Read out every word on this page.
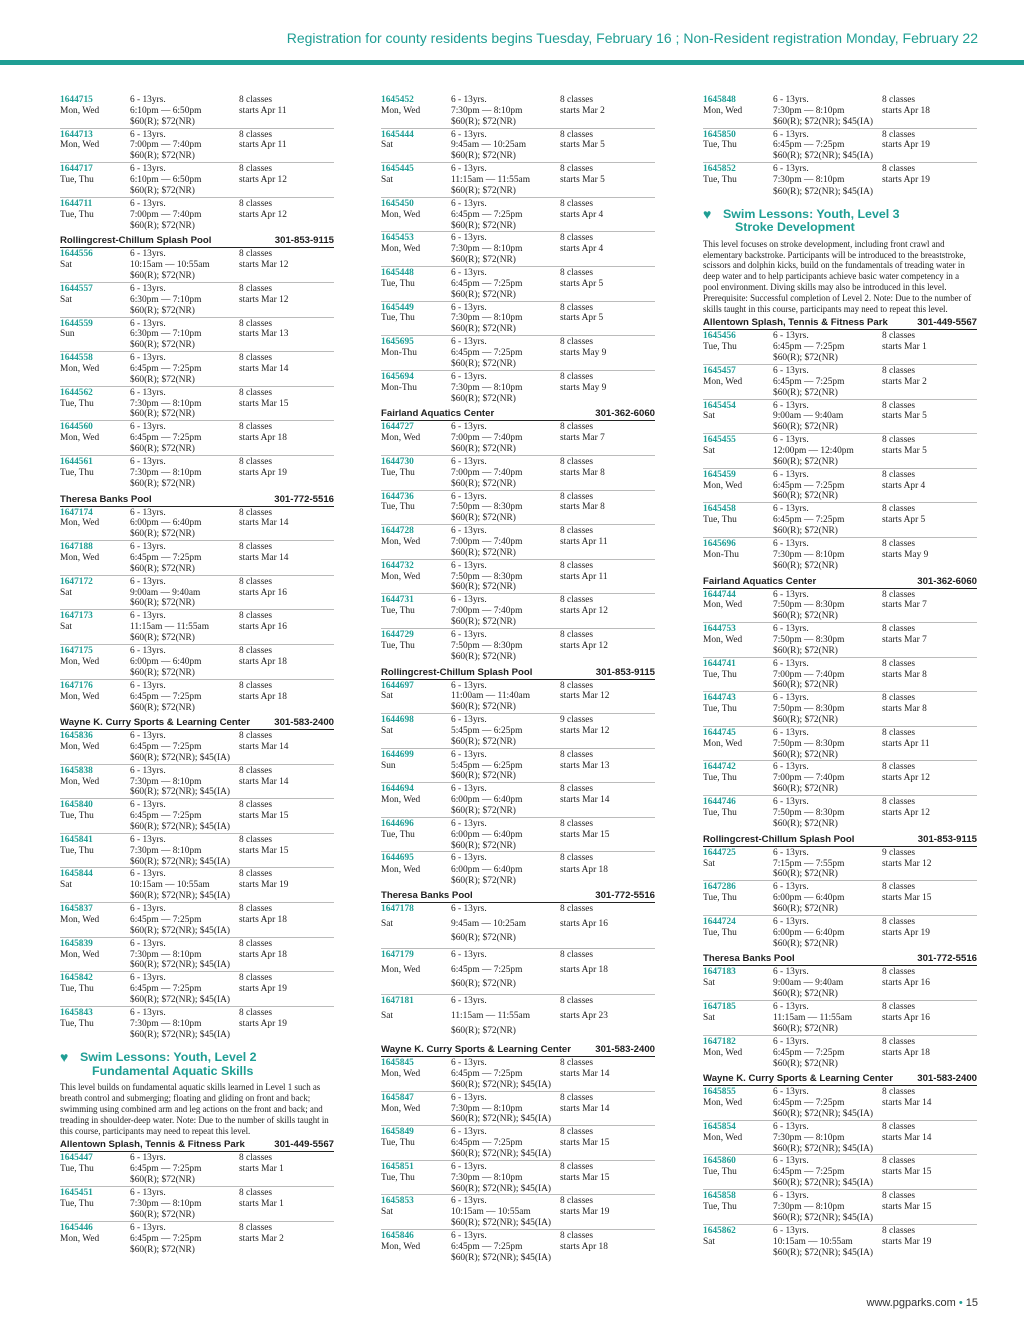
Registration for county residents begins Tuesday, February 16 ; Non-Resident registration Monday, February 22
1644715	6 - 13yrs.	8 classes
Mon, Wed	6:10pm — 6:50pm	starts Apr 11
$60(R); $72(NR)
1644713	6 - 13yrs.	8 classes
Mon, Wed	7:00pm — 7:40pm	starts Apr 11
$60(R); $72(NR)
1644717	6 - 13yrs.	8 classes
Tue, Thu	6:10pm — 6:50pm	starts Apr 12
$60(R); $72(NR)
1644711	6 - 13yrs.	8 classes
Tue, Thu	7:00pm — 7:40pm	starts Apr 12
$60(R); $72(NR)
Rollingcrest-Chillum Splash Pool	301-853-9115
1644556	6 - 13yrs.	8 classes
Sat	10:15am — 10:55am	starts Mar 12
$60(R); $72(NR)
1644557	6 - 13yrs.	8 classes
Sat	6:30pm — 7:10pm	starts Mar 12
$60(R); $72(NR)
1644559	6 - 13yrs.	8 classes
Sun	6:30pm — 7:10pm	starts Mar 13
$60(R); $72(NR)
1644558	6 - 13yrs.	8 classes
Mon, Wed	6:45pm — 7:25pm	starts Mar 14
$60(R); $72(NR)
1644562	6 - 13yrs.	8 classes
Tue, Thu	7:30pm — 8:10pm	starts Mar 15
$60(R); $72(NR)
1644560	6 - 13yrs.	8 classes
Mon, Wed	6:45pm — 7:25pm	starts Apr 18
$60(R); $72(NR)
1644561	6 - 13yrs.	8 classes
Tue, Thu	7:30pm — 8:10pm	starts Apr 19
$60(R); $72(NR)
Theresa Banks Pool	301-772-5516
1647174	6 - 13yrs.	8 classes
Mon, Wed	6:00pm — 6:40pm	starts Mar 14
$60(R); $72(NR)
1647188	6 - 13yrs.	8 classes
Mon, Wed	6:45pm — 7:25pm	starts Mar 14
$60(R); $72(NR)
1647172	6 - 13yrs.	8 classes
Sat	9:00am — 9:40am	starts Apr 16
$60(R); $72(NR)
1647173	6 - 13yrs.	8 classes
Sat	11:15am — 11:55am	starts Apr 16
$60(R); $72(NR)
1647175	6 - 13yrs.	8 classes
Mon, Wed	6:00pm — 6:40pm	starts Apr 18
$60(R); $72(NR)
1647176	6 - 13yrs.	8 classes
Mon, Wed	6:45pm — 7:25pm	starts Apr 18
$60(R); $72(NR)
Wayne K. Curry Sports & Learning Center	301-583-2400
1645836	6 - 13yrs.	8 classes
Mon, Wed	6:45pm — 7:25pm	starts Mar 14
$60(R); $72(NR); $45(IA)
1645838	6 - 13yrs.	8 classes
Mon, Wed	7:30pm — 8:10pm	starts Mar 14
$60(R); $72(NR); $45(IA)
1645840	6 - 13yrs.	8 classes
Tue, Thu	6:45pm — 7:25pm	starts Mar 15
$60(R); $72(NR); $45(IA)
1645841	6 - 13yrs.	8 classes
Tue, Thu	7:30pm — 8:10pm	starts Mar 15
$60(R); $72(NR); $45(IA)
1645844	6 - 13yrs.	8 classes
Sat	10:15am — 10:55am	starts Mar 19
$60(R); $72(NR); $45(IA)
1645837	6 - 13yrs.	8 classes
Mon, Wed	6:45pm — 7:25pm	starts Apr 18
$60(R); $72(NR); $45(IA)
1645839	6 - 13yrs.	8 classes
Mon, Wed	7:30pm — 8:10pm	starts Apr 18
$60(R); $72(NR); $45(IA)
1645842	6 - 13yrs.	8 classes
Tue, Thu	6:45pm — 7:25pm	starts Apr 19
$60(R); $72(NR); $45(IA)
1645843	6 - 13yrs.	8 classes
Tue, Thu	7:30pm — 8:10pm	starts Apr 19
$60(R); $72(NR); $45(IA)
♥ Swim Lessons: Youth, Level 2
Fundamental Aquatic Skills
This level builds on fundamental aquatic skills learned in Level 1 such as breath control and submerging; floating and gliding on front and back; swimming using combined arm and leg actions on the front and back; and treading in shoulder-deep water. Note: Due to the number of skills taught in this course, participants may need to repeat this level.
Allentown Splash, Tennis & Fitness Park	301-449-5567
1645447	6 - 13yrs.	8 classes
Tue, Thu	6:45pm — 7:25pm	starts Mar 1
$60(R); $72(NR)
1645451	6 - 13yrs.	8 classes
Tue, Thu	7:30pm — 8:10pm	starts Mar 1
$60(R); $72(NR)
1645446	6 - 13yrs.	8 classes
Mon, Wed	6:45pm — 7:25pm	starts Mar 2
$60(R); $72(NR)
1645452	6 - 13yrs.	8 classes
Mon, Wed	7:30pm — 8:10pm	starts Mar 2
$60(R); $72(NR)
1645444	6 - 13yrs.	8 classes
Sat	9:45am — 10:25am	starts Mar 5
$60(R); $72(NR)
1645445	6 - 13yrs.	8 classes
Sat	11:15am — 11:55am	starts Mar 5
$60(R); $72(NR)
1645450	6 - 13yrs.	8 classes
Mon, Wed	6:45pm — 7:25pm	starts Apr 4
$60(R); $72(NR)
1645453	6 - 13yrs.	8 classes
Mon, Wed	7:30pm — 8:10pm	starts Apr 4
$60(R); $72(NR)
1645448	6 - 13yrs.	8 classes
Tue, Thu	6:45pm — 7:25pm	starts Apr 5
$60(R); $72(NR)
1645449	6 - 13yrs.	8 classes
Tue, Thu	7:30pm — 8:10pm	starts Apr 5
$60(R); $72(NR)
1645695	6 - 13yrs.	8 classes
Mon-Thu	6:45pm — 7:25pm	starts May 9
$60(R); $72(NR)
1645694	6 - 13yrs.	8 classes
Mon-Thu	7:30pm — 8:10pm	starts May 9
$60(R); $72(NR)
Fairland Aquatics Center	301-362-6060
1644727	6 - 13yrs.	8 classes
Mon, Wed	7:00pm — 7:40pm	starts Mar 7
$60(R); $72(NR)
1644730	6 - 13yrs.	8 classes
Tue, Thu	7:00pm — 7:40pm	starts Mar 8
$60(R); $72(NR)
1644736	6 - 13yrs.	8 classes
Tue, Thu	7:50pm — 8:30pm	starts Mar 8
$60(R); $72(NR)
1644728	6 - 13yrs.	8 classes
Mon, Wed	7:00pm — 7:40pm	starts Apr 11
$60(R); $72(NR)
1644732	6 - 13yrs.	8 classes
Mon, Wed	7:50pm — 8:30pm	starts Apr 11
$60(R); $72(NR)
1644731	6 - 13yrs.	8 classes
Tue, Thu	7:00pm — 7:40pm	starts Apr 12
$60(R); $72(NR)
1644729	6 - 13yrs.	8 classes
Tue, Thu	7:50pm — 8:30pm	starts Apr 12
$60(R); $72(NR)
Rollingcrest-Chillum Splash Pool	301-853-9115
1644697	6 - 13yrs.	8 classes
Sat	11:00am — 11:40am	starts Mar 12
$60(R); $72(NR)
1644698	6 - 13yrs.	9 classes
Sat	5:45pm — 6:25pm	starts Mar 12
$60(R); $72(NR)
1644699	6 - 13yrs.	8 classes
Sun	5:45pm — 6:25pm	starts Mar 13
$60(R); $72(NR)
1644694	6 - 13yrs.	8 classes
Mon, Wed	6:00pm — 6:40pm	starts Mar 14
$60(R); $72(NR)
1644696	6 - 13yrs.	8 classes
Tue, Thu	6:00pm — 6:40pm	starts Mar 15
$60(R); $72(NR)
1644695	6 - 13yrs.	8 classes
Mon, Wed	6:00pm — 6:40pm	starts Apr 18
$60(R); $72(NR)
Theresa Banks Pool	301-772-5516
1647178	6 - 13yrs.	8 classes
Sat	9:45am — 10:25am	starts Apr 16
$60(R); $72(NR)
1647179	6 - 13yrs.	8 classes
Mon, Wed	6:45pm — 7:25pm	starts Apr 18
$60(R); $72(NR)
1647181	6 - 13yrs.	8 classes
Sat	11:15am — 11:55am	starts Apr 23
$60(R); $72(NR)
Wayne K. Curry Sports & Learning Center	301-583-2400
1645845	6 - 13yrs.	8 classes
Mon, Wed	6:45pm — 7:25pm	starts Mar 14
$60(R); $72(NR); $45(IA)
1645847	6 - 13yrs.	8 classes
Mon, Wed	7:30pm — 8:10pm	starts Mar 14
$60(R); $72(NR); $45(IA)
1645849	6 - 13yrs.	8 classes
Tue, Thu	6:45pm — 7:25pm	starts Mar 15
$60(R); $72(NR); $45(IA)
1645851	6 - 13yrs.	8 classes
Tue, Thu	7:30pm — 8:10pm	starts Mar 15
$60(R); $72(NR); $45(IA)
1645853	6 - 13yrs.	8 classes
Sat	10:15am — 10:55am	starts Mar 19
$60(R); $72(NR); $45(IA)
1645846	6 - 13yrs.	8 classes
Mon, Wed	6:45pm — 7:25pm	starts Apr 18
$60(R); $72(NR); $45(IA)
1645848	6 - 13yrs.	8 classes
Mon, Wed	7:30pm — 8:10pm	starts Apr 18
$60(R); $72(NR); $45(IA)
1645850	6 - 13yrs.	8 classes
Tue, Thu	6:45pm — 7:25pm	starts Apr 19
$60(R); $72(NR); $45(IA)
1645852	6 - 13yrs.	8 classes
Tue, Thu	7:30pm — 8:10pm	starts Apr 19
$60(R); $72(NR); $45(IA)
♥ Swim Lessons: Youth, Level 3
Stroke Development
This level focuses on stroke development, including front crawl and elementary backstroke. Participants will be introduced to the breaststroke, scissors and dolphin kicks, build on the fundamentals of treading water in deep water and to help participants achieve basic water competency in a pool environment. Diving skills may also be introduced in this level. Prerequisite: Successful completion of Level 2. Note: Due to the number of skills taught in this course, participants may need to repeat this level.
Allentown Splash, Tennis & Fitness Park	301-449-5567
1645456	6 - 13yrs.	8 classes
Tue, Thu	6:45pm — 7:25pm	starts Mar 1
$60(R); $72(NR)
1645457	6 - 13yrs.	8 classes
Mon, Wed	6:45pm — 7:25pm	starts Mar 2
$60(R); $72(NR)
1645454	6 - 13yrs.	8 classes
Sat	9:00am — 9:40am	starts Mar 5
$60(R); $72(NR)
1645455	6 - 13yrs.	8 classes
Sat	12:00pm — 12:40pm	starts Mar 5
$60(R); $72(NR)
1645459	6 - 13yrs.	8 classes
Mon, Wed	6:45pm — 7:25pm	starts Apr 4
$60(R); $72(NR)
1645458	6 - 13yrs.	8 classes
Tue, Thu	6:45pm — 7:25pm	starts Apr 5
$60(R); $72(NR)
1645696	6 - 13yrs.	8 classes
Mon-Thu	7:30pm — 8:10pm	starts May 9
$60(R); $72(NR)
Fairland Aquatics Center	301-362-6060
1644744	6 - 13yrs.	8 classes
Mon, Wed	7:50pm — 8:30pm	starts Mar 7
$60(R); $72(NR)
1644753	6 - 13yrs.	8 classes
Mon, Wed	7:50pm — 8:30pm	starts Mar 7
$60(R); $72(NR)
1644741	6 - 13yrs.	8 classes
Tue, Thu	7:00pm — 7:40pm	starts Mar 8
$60(R); $72(NR)
1644743	6 - 13yrs.	8 classes
Tue, Thu	7:50pm — 8:30pm	starts Mar 8
$60(R); $72(NR)
1644745	6 - 13yrs.	8 classes
Mon, Wed	7:50pm — 8:30pm	starts Apr 11
$60(R); $72(NR)
1644742	6 - 13yrs.	8 classes
Tue, Thu	7:00pm — 7:40pm	starts Apr 12
$60(R); $72(NR)
1644746	6 - 13yrs.	8 classes
Tue, Thu	7:50pm — 8:30pm	starts Apr 12
$60(R); $72(NR)
Rollingcrest-Chillum Splash Pool	301-853-9115
1644725	6 - 13yrs.	9 classes
Sat	7:15pm — 7:55pm	starts Mar 12
$60(R); $72(NR)
1647286	6 - 13yrs.	8 classes
Tue, Thu	6:00pm — 6:40pm	starts Mar 15
$60(R); $72(NR)
1644724	6 - 13yrs.	8 classes
Tue, Thu	6:00pm — 6:40pm	starts Apr 19
$60(R); $72(NR)
Theresa Banks Pool	301-772-5516
1647183	6 - 13yrs.	8 classes
Sat	9:00am — 9:40am	starts Apr 16
$60(R); $72(NR)
1647185	6 - 13yrs.	8 classes
Sat	11:15am — 11:55am	starts Apr 16
$60(R); $72(NR)
1647182	6 - 13yrs.	8 classes
Mon, Wed	6:45pm — 7:25pm	starts Apr 18
$60(R); $72(NR)
Wayne K. Curry Sports & Learning Center	301-583-2400
1645855	6 - 13yrs.	8 classes
Mon, Wed	6:45pm — 7:25pm	starts Mar 14
$60(R); $72(NR); $45(IA)
1645854	6 - 13yrs.	8 classes
Mon, Wed	7:30pm — 8:10pm	starts Mar 14
$60(R); $72(NR); $45(IA)
1645860	6 - 13yrs.	8 classes
Tue, Thu	6:45pm — 7:25pm	starts Mar 15
$60(R); $72(NR); $45(IA)
1645858	6 - 13yrs.	8 classes
Tue, Thu	7:30pm — 8:10pm	starts Mar 15
$60(R); $72(NR); $45(IA)
1645862	6 - 13yrs.	8 classes
Sat	10:15am — 10:55am	starts Mar 19
$60(R); $72(NR); $45(IA)
www.pgparks.com • 15
